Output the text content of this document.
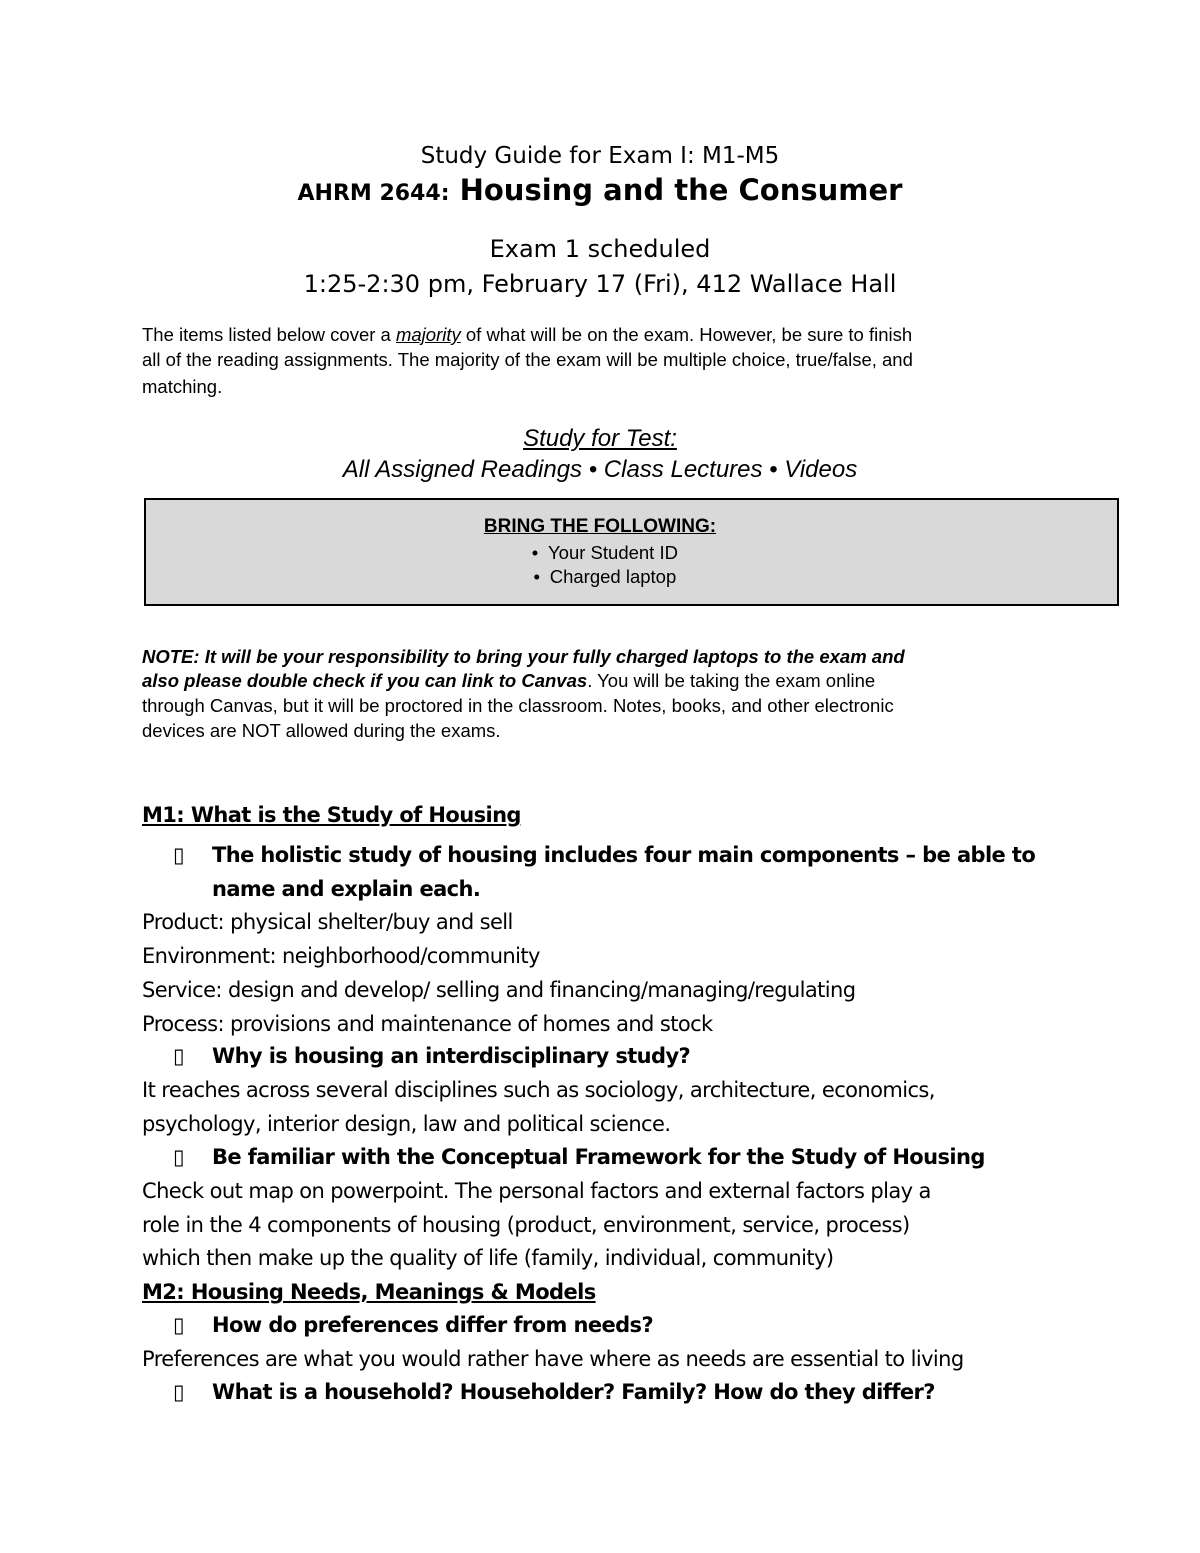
Study Guide for Exam I: M1-M5
AHRM 2644: Housing and the Consumer
Exam 1 scheduled
1:25-2:30 pm, February 17 (Fri), 412 Wallace Hall
The items listed below cover a majority of what will be on the exam. However, be sure to finish
all of the reading assignments. The majority of the exam will be multiple choice, true/false, and
matching.
Study for Test:
All Assigned Readings • Class Lectures • Videos
BRING THE FOLLOWING:
• Your Student ID
• Charged laptop
NOTE: It will be your responsibility to bring your fully charged laptops to the exam and
also please double check if you can link to Canvas. You will be taking the exam online
through Canvas, but it will be proctored in the classroom. Notes, books, and other electronic
devices are NOT allowed during the exams.
M1: What is the Study of Housing
▯ The holistic study of housing includes four main components – be able to
name and explain each.
Product: physical shelter/buy and sell
Environment: neighborhood/community
Service: design and develop/ selling and financing/managing/regulating
Process: provisions and maintenance of homes and stock
▯ Why is housing an interdisciplinary study?
It reaches across several disciplines such as sociology, architecture, economics,
psychology, interior design, law and political science.
▯ Be familiar with the Conceptual Framework for the Study of Housing
Check out map on powerpoint. The personal factors and external factors play a
role in the 4 components of housing (product, environment, service, process)
which then make up the quality of life (family, individual, community)
M2: Housing Needs, Meanings & Models
▯ How do preferences differ from needs?
Preferences are what you would rather have where as needs are essential to living
▯ What is a household? Householder? Family? How do they differ?
